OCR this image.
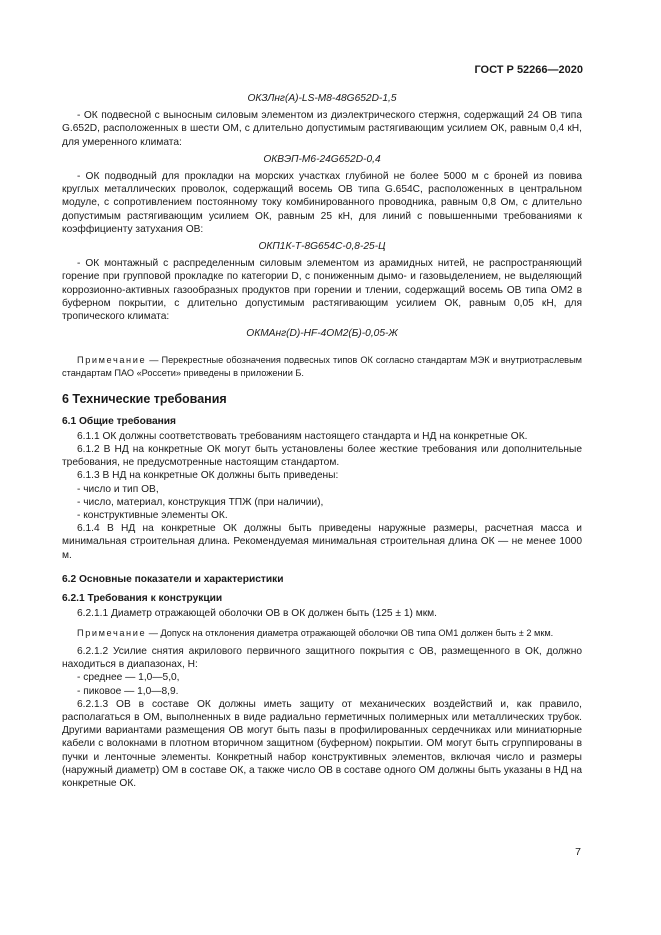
ГОСТ Р 52266—2020

ОКЗЛнг(А)-LS-М8-48G652D-1,5

- ОК подвесной с выносным силовым элементом из диэлектрического стержня, содержащий 24 ОВ типа G.652D, расположенных в шести ОМ, с длительно допустимым растягивающим усилием ОК, равным 0,4 кН, для умеренного климата:

ОКВЭП-М6-24G652D-0,4

- ОК подводный для прокладки на морских участках глубиной не более 5000 м с броней из повива круглых металлических проволок, содержащий восемь ОВ типа G.654С, расположенных в центральном модуле, с сопротивлением постоянному току комбинированного проводника, равным 0,8 Ом, с длительно допустимым растягивающим усилием ОК, равным 25 кН, для линий с повышенными требованиями к коэффициенту затухания ОВ:

ОКП1К-Т-8G654С-0,8-25-Ц

- ОК монтажный с распределенным силовым элементом из арамидных нитей, не распространяющий горение при групповой прокладке по категории D, с пониженным дымо- и газовыделением, не выделяющий коррозионно-активных газообразных продуктов при горении и тлении, содержащий восемь ОВ типа ОМ2 в буферном покрытии, с длительно допустимым растягивающим усилием ОК, равным 0,05 кН, для тропического климата:

ОКМАнг(D)-HF-4ОМ2(Б)-0,05-Ж

Примечание — Перекрестные обозначения подвесных типов ОК согласно стандартам МЭК и внутриотраслевым стандартам ПАО «Россети» приведены в приложении Б.

6 Технические требования

6.1 Общие требования

6.1.1 ОК должны соответствовать требованиям настоящего стандарта и НД на конкретные ОК.

6.1.2 В НД на конкретные ОК могут быть установлены более жесткие требования или дополнительные требования, не предусмотренные настоящим стандартом.

6.1.3 В НД на конкретные ОК должны быть приведены:

- число и тип ОВ,

- число, материал, конструкция ТПЖ (при наличии),

- конструктивные элементы ОК.

6.1.4 В НД на конкретные ОК должны быть приведены наружные размеры, расчетная масса и минимальная строительная длина. Рекомендуемая минимальная строительная длина ОК — не менее 1000 м.

6.2 Основные показатели и характеристики

6.2.1 Требования к конструкции

6.2.1.1 Диаметр отражающей оболочки ОВ в ОК должен быть (125 ± 1) мкм.

Примечание — Допуск на отклонения диаметра отражающей оболочки ОВ типа ОМ1 должен быть ± 2 мкм.

6.2.1.2 Усилие снятия акрилового первичного защитного покрытия с ОВ, размещенного в ОК, должно находиться в диапазонах, Н:

- среднее — 1,0—5,0,

- пиковое — 1,0—8,9.

6.2.1.3 ОВ в составе ОК должны иметь защиту от механических воздействий и, как правило, располагаться в ОМ, выполненных в виде радиально герметичных полимерных или металлических трубок. Другими вариантами размещения ОВ могут быть пазы в профилированных сердечниках или миниатюрные кабели с волокнами в плотном вторичном защитном (буферном) покрытии. ОМ могут быть сгруппированы в пучки и ленточные элементы. Конкретный набор конструктивных элементов, включая число и размеры (наружный диаметр) ОМ в составе ОК, а также число ОВ в составе одного ОМ должны быть указаны в НД на конкретные ОК.

7
